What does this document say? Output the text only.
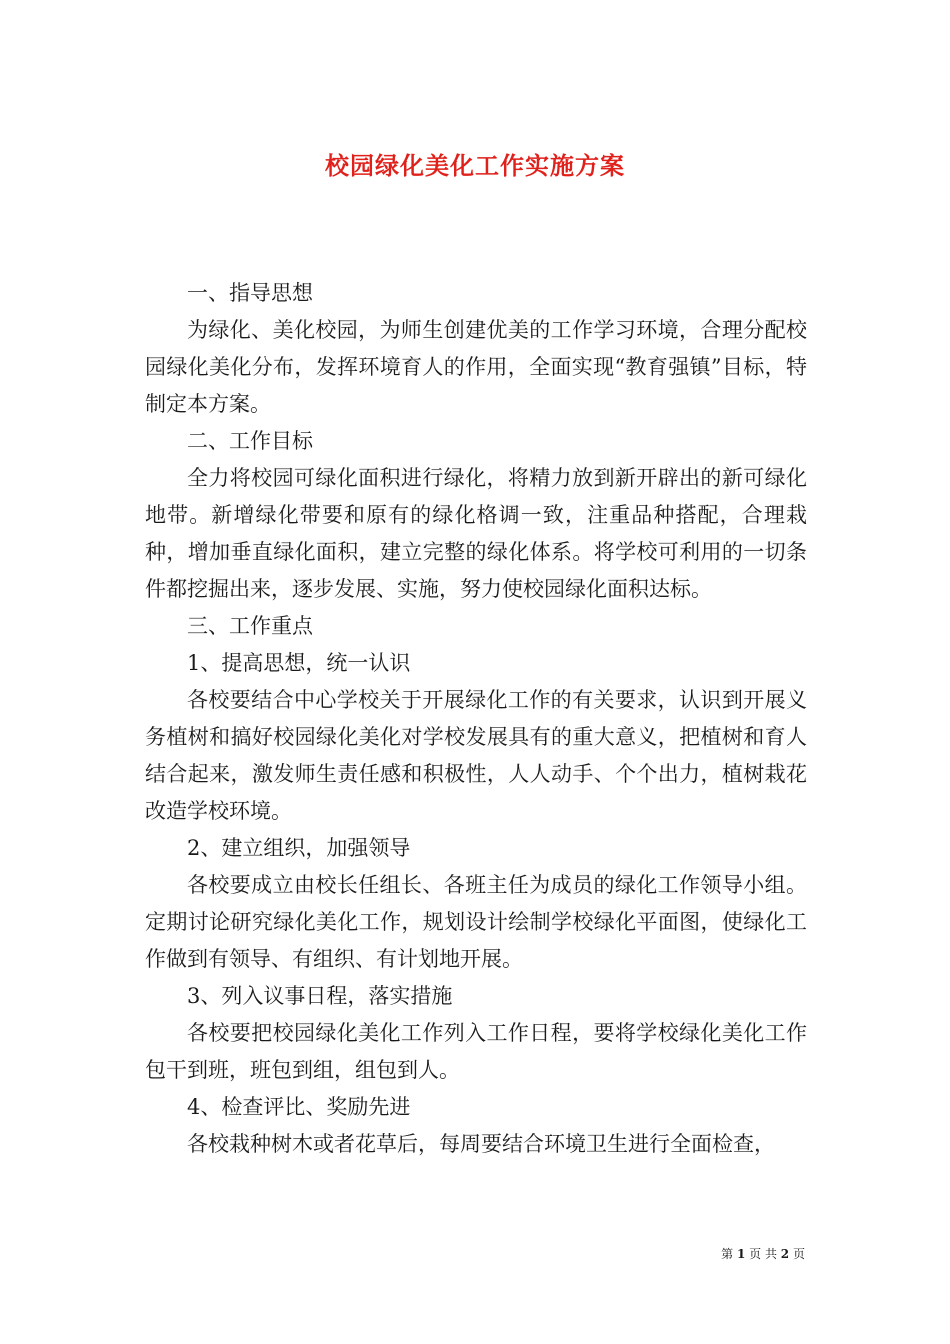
校园绿化美化工作实施方案

一、指导思想

为绿化、美化校园，为师生创建优美的工作学习环境，合理分配校园绿化美化分布，发挥环境育人的作用，全面实现“教育强镇”目标，特制定本方案。

二、工作目标

全力将校园可绿化面积进行绿化，将精力放到新开辟出的新可绿化地带。新增绿化带要和原有的绿化格调一致，注重品种搭配，合理栽种，增加垂直绿化面积，建立完整的绿化体系。将学校可利用的一切条件都挖掘出来，逐步发展、实施，努力使校园绿化面积达标。

三、工作重点

1、提高思想，统一认识

各校要结合中心学校关于开展绿化工作的有关要求，认识到开展义务植树和搞好校园绿化美化对学校发展具有的重大意义，把植树和育人结合起来，激发师生责任感和积极性，人人动手、个个出力，植树栽花改造学校环境。

2、建立组织，加强领导

各校要成立由校长任组长、各班主任为成员的绿化工作领导小组。定期讨论研究绿化美化工作，规划设计绘制学校绿化平面图，使绿化工作做到有领导、有组织、有计划地开展。

3、列入议事日程，落实措施

各校要把校园绿化美化工作列入工作日程，要将学校绿化美化工作包干到班，班包到组，组包到人。

4、检查评比、奖励先进

各校栽种树木或者花草后，每周要结合环境卫生进行全面检查，

第 1 页 共 2 页
